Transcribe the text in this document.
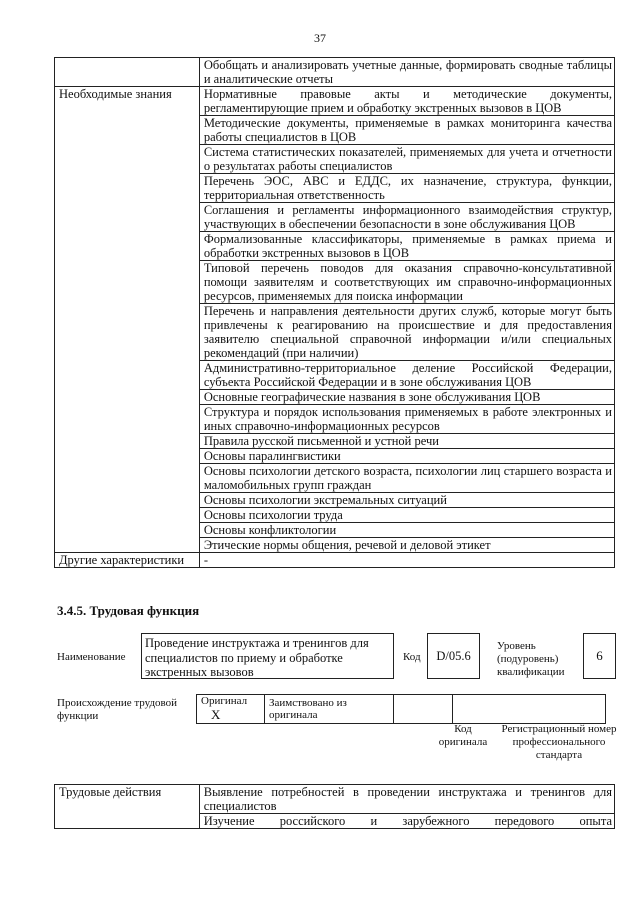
37
	Обобщать и анализировать учетные данные, формировать сводные таблицы и аналитические отчеты
Необходимые знания	Нормативные правовые акты и методические документы, регламентирующие прием и обработку экстренных вызовов в ЦОВ
	Методические документы, применяемые в рамках мониторинга качества работы специалистов в ЦОВ
	Система статистических показателей, применяемых для учета и отчетности о результатах работы специалистов
	Перечень ЭОС, АВС и ЕДДС, их назначение, структура, функции, территориальная ответственность
	Соглашения и регламенты информационного взаимодействия структур, участвующих в обеспечении безопасности в зоне обслуживания ЦОВ
	Формализованные классификаторы, применяемые в рамках приема и обработки экстренных вызовов в ЦОВ
	Типовой перечень поводов для оказания справочно-консультативной помощи заявителям и соответствующих им справочно-информационных ресурсов, применяемых для поиска информации
	Перечень и направления деятельности других служб, которые могут быть привлечены к реагированию на происшествие и для предоставления заявителю специальной справочной информации и/или специальных рекомендаций (при наличии)
	Административно-территориальное деление Российской Федерации, субъекта Российской Федерации и в зоне обслуживания ЦОВ
	Основные географические названия в зоне обслуживания ЦОВ
	Структура и порядок использования применяемых в работе электронных и иных справочно-информационных ресурсов
	Правила русской письменной и устной речи
	Основы паралингвистики
	Основы психологии детского возраста, психологии лиц старшего возраста и маломобильных групп граждан
	Основы психологии экстремальных ситуаций
	Основы психологии труда
	Основы конфликтологии
	Этические нормы общения, речевой и деловой этикет
Другие характеристики	-
3.4.5. Трудовая функция
Наименование
Проведение инструктажа и тренингов для специалистов по приему и обработке экстренных вызовов
Код	D/05.6
Уровень (подуровень) квалификации
6
Происхождение трудовой функции
Оригинал X	Заимствовано из оригинала		
Код оригинала
Регистрационный номер профессионального стандарта
Трудовые действия	Выявление потребностей в проведении инструктажа и тренингов для специалистов
Изучение российского и зарубежного передового опыта
